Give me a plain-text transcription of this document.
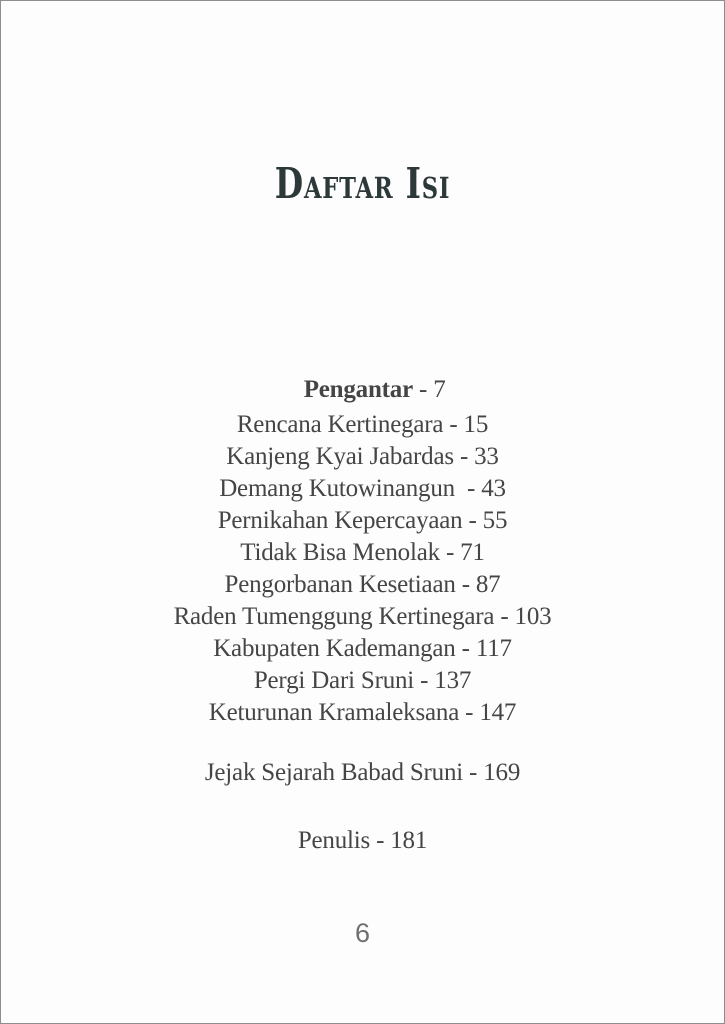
Daftar Isi

Pengantar - 7

Rencana Kertinegara - 15
Kanjeng Kyai Jabardas - 33
Demang Kutowinangun  - 43
Pernikahan Kepercayaan - 55
Tidak Bisa Menolak - 71
Pengorbanan Kesetiaan - 87
Raden Tumenggung Kertinegara - 103
Kabupaten Kademangan - 117
Pergi Dari Sruni - 137
Keturunan Kramaleksana - 147
Jejak Sejarah Babad Sruni - 169
Penulis - 181
6
